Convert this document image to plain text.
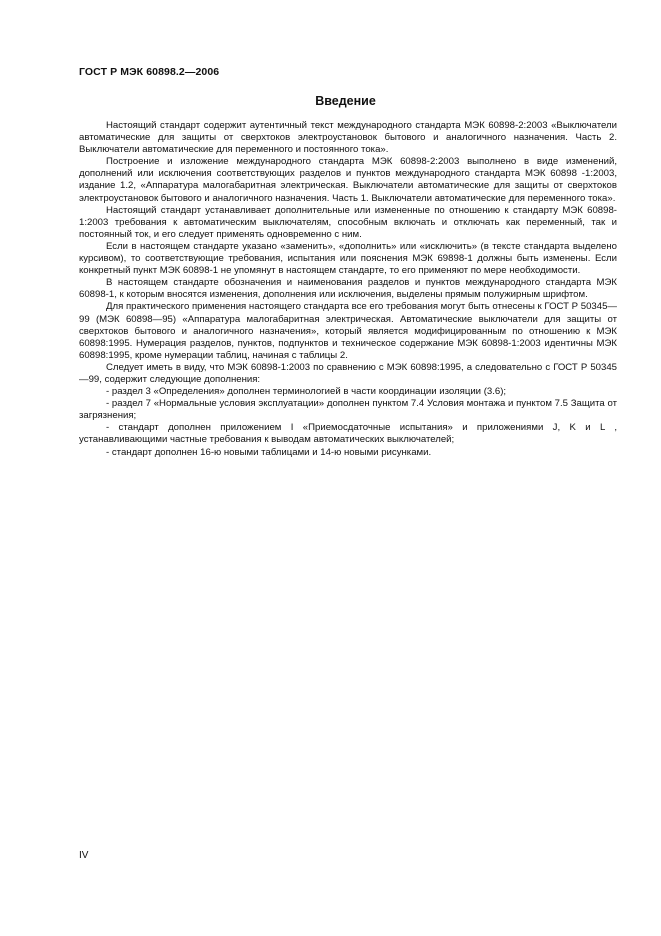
ГОСТ Р МЭК 60898.2—2006
Введение

Настоящий стандарт содержит аутентичный текст международного стандарта МЭК 60898-2:2003 «Выключатели автоматические для защиты от сверхтоков электроустановок бытового и аналогичного назначения. Часть 2. Выключатели автоматические для переменного и постоянного тока».

Построение и изложение международного стандарта МЭК 60898-2:2003 выполнено в виде изменений, дополнений или исключения соответствующих разделов и пунктов международного стандарта МЭК 60898 -1:2003, издание 1.2, «Аппаратура малогабаритная электрическая. Выключатели автоматические для защиты от сверхтоков электроустановок бытового и аналогичного назначения. Часть 1. Выключатели автоматические для переменного тока».

Настоящий стандарт устанавливает дополнительные или измененные по отношению к стандарту МЭК 60898-1:2003 требования к автоматическим выключателям, способным включать и отключать как переменный, так и постоянный ток, и его следует применять одновременно с ним.

Если в настоящем стандарте указано «заменить», «дополнить» или «исключить» (в тексте стандарта выделено курсивом), то соответствующие требования, испытания или пояснения МЭК 69898-1 должны быть изменены. Если конкретный пункт МЭК 60898-1 не упомянут в настоящем стандарте, то его применяют по мере необходимости.

В настоящем стандарте обозначения и наименования разделов и пунктов международного стандарта МЭК 60898-1, к которым вносятся изменения, дополнения или исключения, выделены прямым полужирным шрифтом.

Для практического применения настоящего стандарта все его требования могут быть отнесены к ГОСТ Р 50345—99 (МЭК 60898—95) «Аппаратура малогабаритная электрическая. Автоматические выключатели для защиты от сверхтоков бытового и аналогичного назначения», который является модифицированным по отношению к МЭК 60898:1995. Нумерация разделов, пунктов, подпунктов и техническое содержание МЭК 60898-1:2003 идентичны МЭК 60898:1995, кроме нумерации таблиц, начиная с таблицы 2.

Следует иметь в виду, что МЭК 60898-1:2003 по сравнению с МЭК 60898:1995, а следовательно с ГОСТ Р 50345—99, содержит следующие дополнения:

- раздел 3 «Определения» дополнен терминологией в части координации изоляции (3.6);

- раздел 7 «Нормальные условия эксплуатации» дополнен пунктом 7.4 Условия монтажа и пунктом 7.5 Защита от загрязнения;

- стандарт дополнен приложением I «Приемосдаточные испытания» и приложениями J, K и L , устанавливающими частные требования к выводам автоматических выключателей;

- стандарт дополнен 16-ю новыми таблицами и 14-ю новыми рисунками.

IV
